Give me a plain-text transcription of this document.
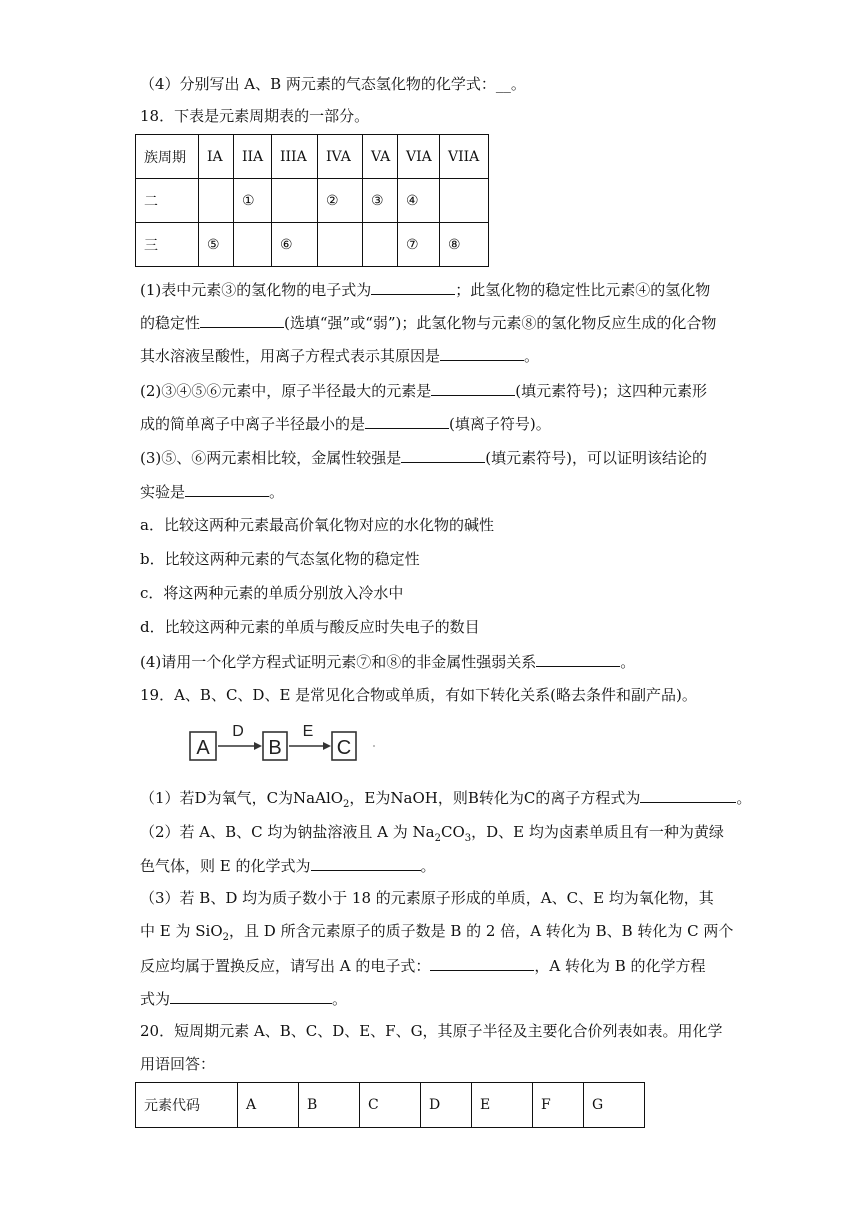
（4）分别写出 A、B 两元素的气态氢化物的化学式：__。
18．下表是元素周期表的一部分。
族周期	IA	IIA	IIIA	IVA	VA	VIA	VIIA
二		①		②	③	④	
三	⑤		⑥			⑦	⑧
(1)表中元素③的氢化物的电子式为	；此氢化物的稳定性比元素④的氢化物
的稳定性	(选填“强”或“弱”)；此氢化物与元素⑧的氢化物反应生成的化合物
其水溶液呈酸性，用离子方程式表示其原因是	。
(2)③④⑤⑥元素中，原子半径最大的元素是	(填元素符号)；这四种元素形
成的简单离子中离子半径最小的是	(填离子符号)。
(3)⑤、⑥两元素相比较，金属性较强是	(填元素符号)，可以证明该结论的
实验是	。
a．比较这两种元素最高价氧化物对应的水化物的碱性
b．比较这两种元素的气态氢化物的稳定性
c．将这两种元素的单质分别放入冷水中
d．比较这两种元素的单质与酸反应时失电子的数目
(4)请用一个化学方程式证明元素⑦和⑧的非金属性强弱关系	。
19．A、B、C、D、E 是常见化合物或单质，有如下转化关系(略去条件和副产品)。
A
D
B
E
C
（1）若D为氧气，C为NaAlO$_2$，E为NaOH，则B转化为C的离子方程式为	。
（2）若 A、B、C 均为钠盐溶液且 A 为 $Na_2CO_3$，D、E 均为卤素单质且有一种为黄绿
色气体，则 E 的化学式为	。
（3）若 B、D 均为质子数小于 18 的元素原子形成的单质，A、C、E 均为氧化物，其
中 E 为 SiO$_2$，且 D 所含元素原子的质子数是 B 的 2 倍，A 转化为 B、B 转化为 C 两个
反应均属于置换反应，请写出 A 的电子式：	，A 转化为 B 的化学方程
式为	。
20．短周期元素 A、B、C、D、E、F、G，其原子半径及主要化合价列表如表。用化学
用语回答：
元素代码	A	B	C	D	E	F	G
